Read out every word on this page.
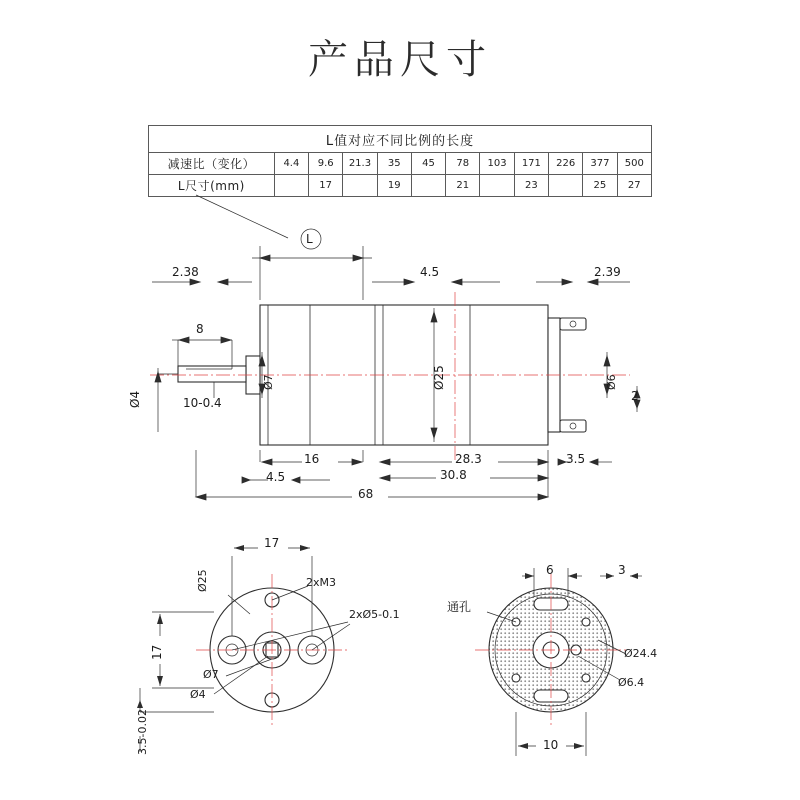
产品尺寸
L值对应不同比例的长度											
减速比（变化）	4.4	9.6	21.3	35	45	78	103	171	226	377	500
L尺寸(mm)		17		19		21		23		25	27
L
2.38	4.5	2.39
8
Ø25
Ø7	Ø6
2
Ø4	10-0.4
16	28.3	3.5
4.5	30.8
68
17
Ø25	2xM3
2xØ5-0.1
17
Ø7
Ø4
3.5-0.02
6	3
通孔
Ø24.4
Ø6.4
10
